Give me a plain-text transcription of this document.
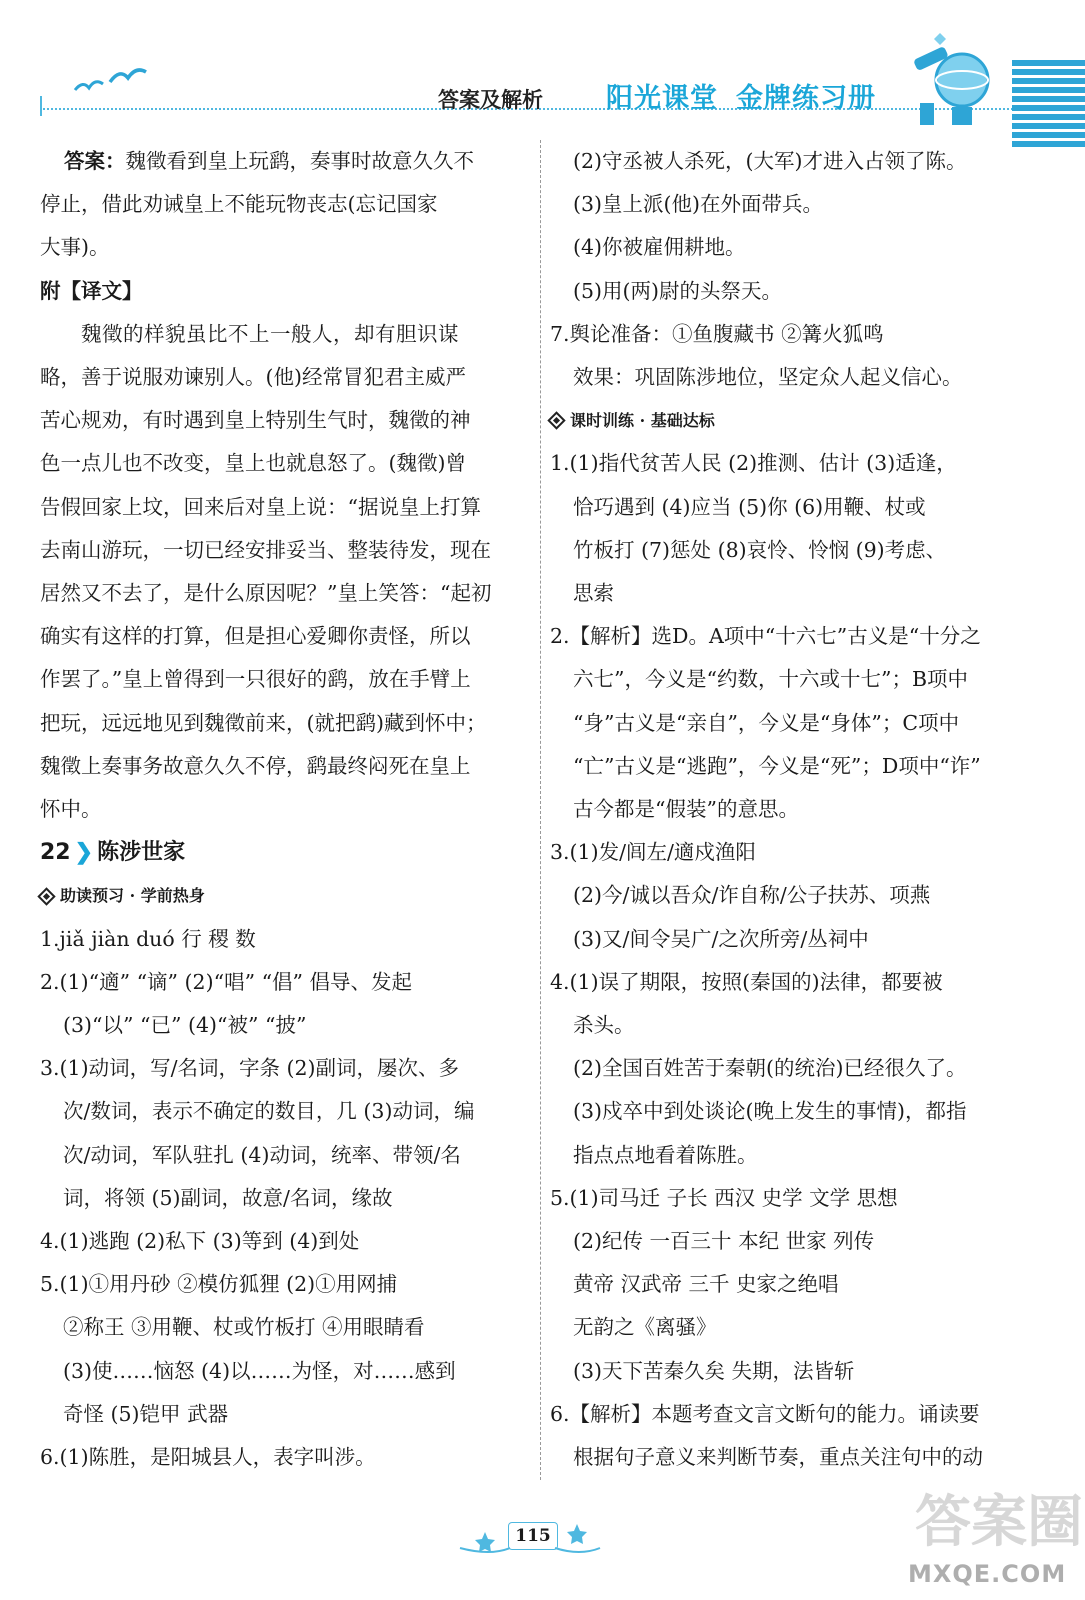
答案及解析 阳光课堂 金牌练习册

答案：魏徵看到皇上玩鹞，奏事时故意久久不

停止，借此劝诫皇上不能玩物丧志(忘记国家

大事)。

附【译文】

魏徵的样貌虽比不上一般人，却有胆识谋

略，善于说服劝谏别人。(他)经常冒犯君主威严

苦心规劝，有时遇到皇上特别生气时，魏徵的神

色一点儿也不改变，皇上也就息怒了。(魏徵)曾

告假回家上坟，回来后对皇上说：“据说皇上打算

去南山游玩，一切已经安排妥当、整装待发，现在

居然又不去了，是什么原因呢？”皇上笑答：“起初

确实有这样的打算，但是担心爱卿你责怪，所以

作罢了。”皇上曾得到一只很好的鹞，放在手臂上

把玩，远远地见到魏徵前来，(就把鹞)藏到怀中；

魏徵上奏事务故意久久不停，鹞最终闷死在皇上

怀中。

22 ❯ 陈涉世家

助读预习 · 学前热身

1.jiǎ jiàn duó 行 稷 数

2.(1)“適” “谪” (2)“唱” “倡” 倡导、发起

(3)“以” “已” (4)“被” “披”

3.(1)动词，写/名词，字条 (2)副词，屡次、多

次/数词，表示不确定的数目，几 (3)动词，编

次/动词，军队驻扎 (4)动词，统率、带领/名

词，将领 (5)副词，故意/名词，缘故

4.(1)逃跑 (2)私下 (3)等到 (4)到处

5.(1)①用丹砂 ②模仿狐狸 (2)①用网捕

②称王 ③用鞭、杖或竹板打 ④用眼睛看

(3)使……恼怒 (4)以……为怪，对……感到

奇怪 (5)铠甲 武器

6.(1)陈胜，是阳城县人，表字叫涉。

(2)守丞被人杀死，(大军)才进入占领了陈。

(3)皇上派(他)在外面带兵。

(4)你被雇佣耕地。

(5)用(两)尉的头祭天。

7.舆论准备：①鱼腹藏书 ②篝火狐鸣

效果：巩固陈涉地位，坚定众人起义信心。

课时训练 · 基础达标

1.(1)指代贫苦人民 (2)推测、估计 (3)适逢，

恰巧遇到 (4)应当 (5)你 (6)用鞭、杖或

竹板打 (7)惩处 (8)哀怜、怜悯 (9)考虑、

思索

2.【解析】选D。A项中“十六七”古义是“十分之

六七”，今义是“约数，十六或十七”；B项中

“身”古义是“亲自”，今义是“身体”；C项中

“亡”古义是“逃跑”，今义是“死”；D项中“诈”

古今都是“假装”的意思。

3.(1)发/闾左/適戍渔阳

(2)今/诚以吾众/诈自称/公子扶苏、项燕

(3)又/间令吴广/之次所旁/丛祠中

4.(1)误了期限，按照(秦国的)法律，都要被

杀头。

(2)全国百姓苦于秦朝(的统治)已经很久了。

(3)戍卒中到处谈论(晚上发生的事情)，都指

指点点地看着陈胜。

5.(1)司马迁 子长 西汉 史学 文学 思想

(2)纪传 一百三十 本纪 世家 列传

黄帝 汉武帝 三千 史家之绝唱

无韵之《离骚》

(3)天下苦秦久矣 失期，法皆斩

6.【解析】本题考查文言文断句的能力。诵读要

根据句子意义来判断节奏，重点关注句中的动

115	答案圈
MXQE.COM
